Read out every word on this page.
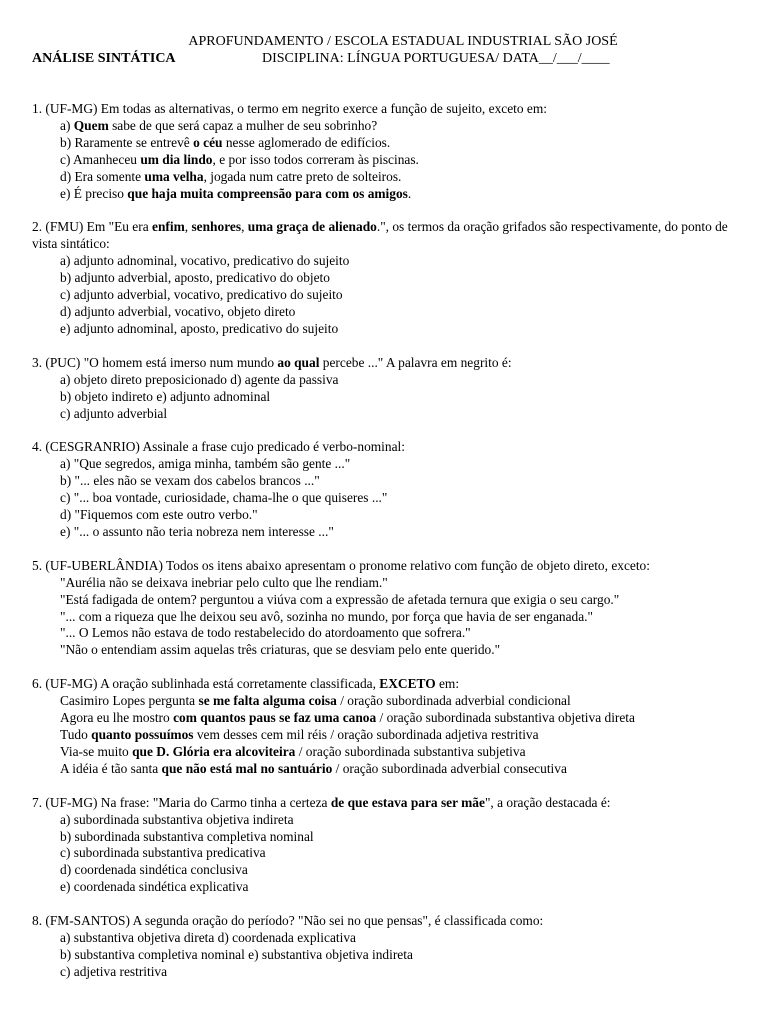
APROFUNDAMENTO / ESCOLA ESTADUAL INDUSTRIAL SÃO JOSÉ
ANÁLISE SINTÁTICA	DISCIPLINA: LÍNGUA PORTUGUESA/ DATA__/___/____
1. (UF-MG) Em todas as alternativas, o termo em negrito exerce a função de sujeito, exceto em:
a) Quem sabe de que será capaz a mulher de seu sobrinho?
b) Raramente se entrevê o céu nesse aglomerado de edifícios.
c) Amanheceu um dia lindo, e por isso todos correram às piscinas.
d) Era somente uma velha, jogada num catre preto de solteiros.
e) É preciso que haja muita compreensão para com os amigos.
2. (FMU) Em "Eu era enfim, senhores, uma graça de alienado.", os termos da oração grifados são respectivamente, do ponto de vista sintático:
a) adjunto adnominal, vocativo, predicativo do sujeito
b) adjunto adverbial, aposto, predicativo do objeto
c) adjunto adverbial, vocativo, predicativo do sujeito
d) adjunto adverbial, vocativo, objeto direto
e) adjunto adnominal, aposto, predicativo do sujeito
3. (PUC) "O homem está imerso num mundo ao qual percebe ..." A palavra em negrito é:
a) objeto direto preposicionado d) agente da passiva
b) objeto indireto e) adjunto adnominal
c) adjunto adverbial
4. (CESGRANRIO) Assinale a frase cujo predicado é verbo-nominal:
a) "Que segredos, amiga minha, também são gente ..."
b) "... eles não se vexam dos cabelos brancos ..."
c) "... boa vontade, curiosidade, chama-lhe o que quiseres ..."
d) "Fiquemos com este outro verbo."
e) "... o assunto não teria nobreza nem interesse ..."
5. (UF-UBERLÂNDIA) Todos os itens abaixo apresentam o pronome relativo com função de objeto direto, exceto:
"Aurélia não se deixava inebriar pelo culto que lhe rendiam."
"Está fadigada de ontem? perguntou a viúva com a expressão de afetada ternura que exigia o seu cargo."
"... com a riqueza que lhe deixou seu avô, sozinha no mundo, por força que havia de ser enganada."
"... O Lemos não estava de todo restabelecido do atordoamento que sofrera."
"Não o entendiam assim aquelas três criaturas, que se desviam pelo ente querido."
6. (UF-MG) A oração sublinhada está corretamente classificada, EXCETO em:
Casimiro Lopes pergunta se me falta alguma coisa / oração subordinada adverbial condicional
Agora eu lhe mostro com quantos paus se faz uma canoa / oração subordinada substantiva objetiva direta
Tudo quanto possuímos vem desses cem mil réis / oração subordinada adjetiva restritiva
Via-se muito que D. Glória era alcoviteira / oração subordinada substantiva subjetiva
A idéia é tão santa que não está mal no santuário / oração subordinada adverbial consecutiva
7. (UF-MG) Na frase: "Maria do Carmo tinha a certeza de que estava para ser mãe", a oração destacada é:
a) subordinada substantiva objetiva indireta
b) subordinada substantiva completiva nominal
c) subordinada substantiva predicativa
d) coordenada sindética conclusiva
e) coordenada sindética explicativa
8. (FM-SANTOS) A segunda oração do período? "Não sei no que pensas", é classificada como:
a) substantiva objetiva direta d) coordenada explicativa
b) substantiva completiva nominal e) substantiva objetiva indireta
c) adjetiva restritiva
